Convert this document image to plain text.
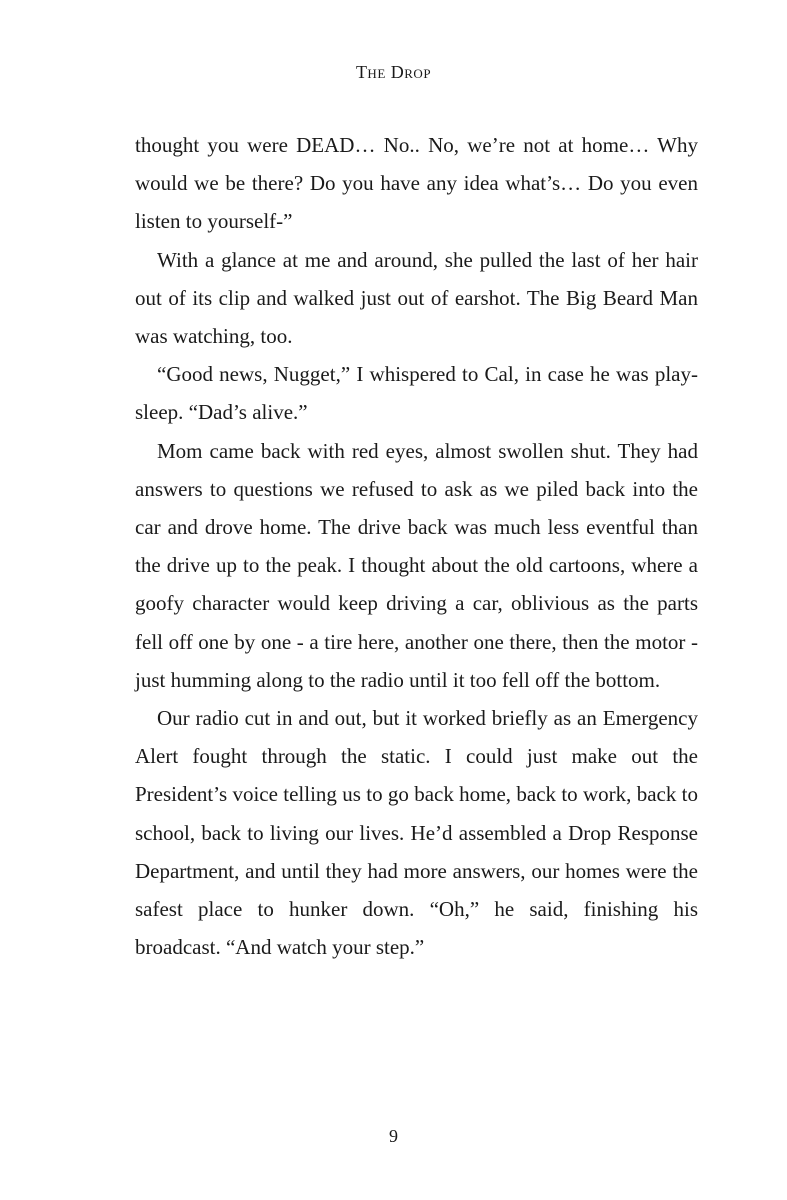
The Drop

thought you were DEAD… No.. No, we’re not at home… Why would we be there? Do you have any idea what’s… Do you even listen to yourself-”

With a glance at me and around, she pulled the last of her hair out of its clip and walked just out of earshot. The Big Beard Man was watching, too.

“Good news, Nugget,” I whispered to Cal, in case he was play-sleep. “Dad’s alive.”

Mom came back with red eyes, almost swollen shut. They had answers to questions we refused to ask as we piled back into the car and drove home. The drive back was much less eventful than the drive up to the peak. I thought about the old cartoons, where a goofy character would keep driving a car, oblivious as the parts fell off one by one - a tire here, another one there, then the motor - just humming along to the radio until it too fell off the bottom.

Our radio cut in and out, but it worked briefly as an Emergency Alert fought through the static. I could just make out the President’s voice telling us to go back home, back to work, back to school, back to living our lives. He’d assembled a Drop Response Department, and until they had more answers, our homes were the safest place to hunker down. “Oh,” he said, finishing his broadcast. “And watch your step.”

9
